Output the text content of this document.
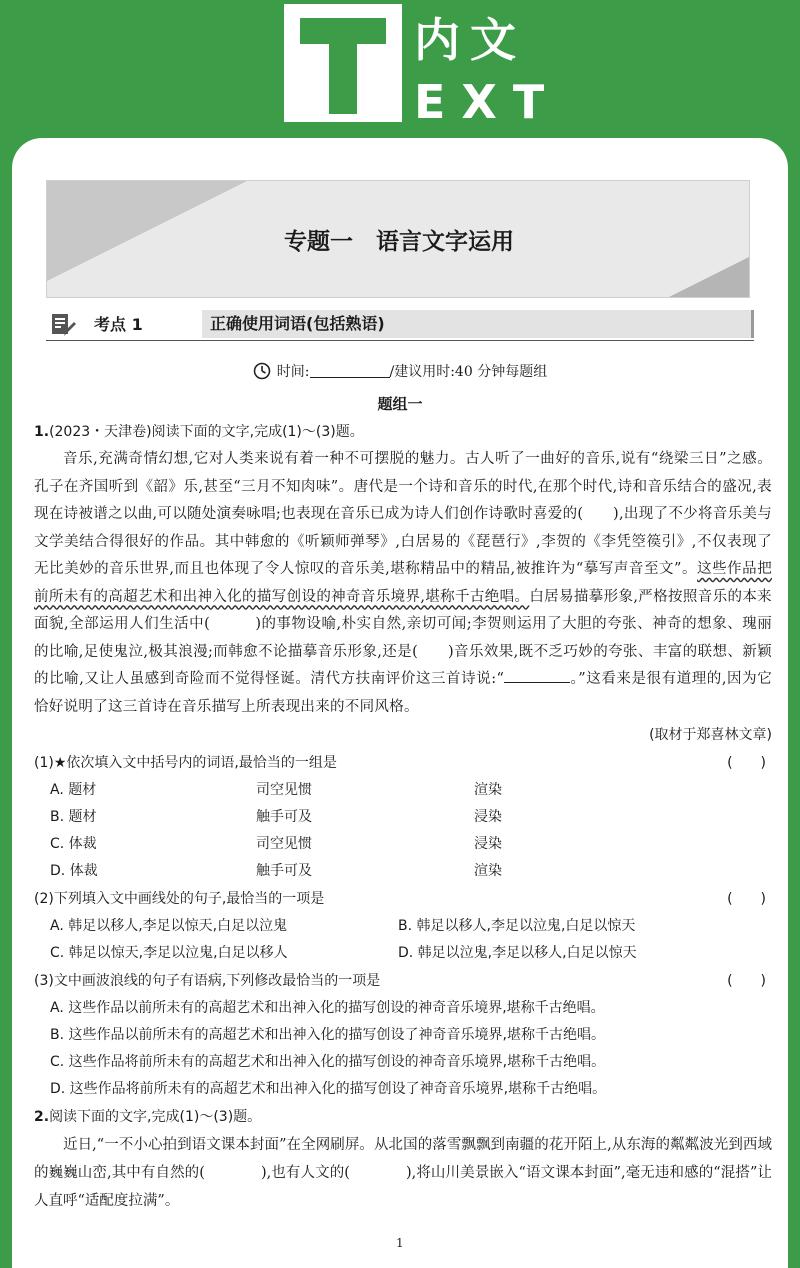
内文
EXT
专题一　语言文字运用
考点 1	正确使用词语(包括熟语)
时间:	/建议用时:40 分钟每题组
题组一
1.(2023・天津卷)阅读下面的文字,完成(1)～(3)题。

音乐,充满奇情幻想,它对人类来说有着一种不可摆脱的魅力。古人听了一曲好的音乐,说有“绕梁三日”之感。孔子在齐国听到《韶》乐,甚至“三月不知肉味”。唐代是一个诗和音乐的时代,在那个时代,诗和音乐结合的盛况,表现在诗被谱之以曲,可以随处演奏咏唱;也表现在音乐已成为诗人们创作诗歌时喜爱的(　　),出现了不少将音乐美与文学美结合得很好的作品。其中韩愈的《听颖师弹琴》,白居易的《琵琶行》,李贺的《李凭箜篌引》,不仅表现了无比美妙的音乐世界,而且也体现了令人惊叹的音乐美,堪称精品中的精品,被推许为“摹写声音至文”。这些作品把前所未有的高超艺术和出神入化的描写创设的神奇音乐境界,堪称千古绝唱。白居易描摹形象,严格按照音乐的本来面貌,全部运用人们生活中(　　　)的事物设喻,朴实自然,亲切可闻;李贺则运用了大胆的夸张、神奇的想象、瑰丽的比喻,足使鬼泣,极其浪漫;而韩愈不论描摹音乐形象,还是(　　)音乐效果,既不乏巧妙的夸张、丰富的联想、新颖的比喻,又让人虽感到奇险而不觉得怪诞。清代方扶南评价这三首诗说:“	。”这看来是很有道理的,因为它恰好说明了这三首诗在音乐描写上所表现出来的不同风格。

(取材于郑喜林文章)
(1)★依次填入文中括号内的词语,最恰当的一组是	(　　)
A. 题材	司空见惯	渲染
B. 题材	触手可及	浸染
C. 体裁	司空见惯	浸染
D. 体裁	触手可及	渲染
(2)下列填入文中画线处的句子,最恰当的一项是	(　　)
A. 韩足以移人,李足以惊天,白足以泣鬼	B. 韩足以移人,李足以泣鬼,白足以惊天
C. 韩足以惊天,李足以泣鬼,白足以移人	D. 韩足以泣鬼,李足以移人,白足以惊天
(3)文中画波浪线的句子有语病,下列修改最恰当的一项是	(　　)
A. 这些作品以前所未有的高超艺术和出神入化的描写创设的神奇音乐境界,堪称千古绝唱。
B. 这些作品以前所未有的高超艺术和出神入化的描写创设了神奇音乐境界,堪称千古绝唱。
C. 这些作品将前所未有的高超艺术和出神入化的描写创设的神奇音乐境界,堪称千古绝唱。
D. 这些作品将前所未有的高超艺术和出神入化的描写创设了神奇音乐境界,堪称千古绝唱。
2.阅读下面的文字,完成(1)～(3)题。

近日,“一不小心拍到语文课本封面”在全网刷屏。从北国的落雪飘飘到南疆的花开陌上,从东海的粼粼波光到西域的巍巍山峦,其中有自然的(	),也有人文的(	),将山川美景嵌入“语文课本封面”,毫无违和感的“混搭”让人直呼“适配度拉满”。

1
